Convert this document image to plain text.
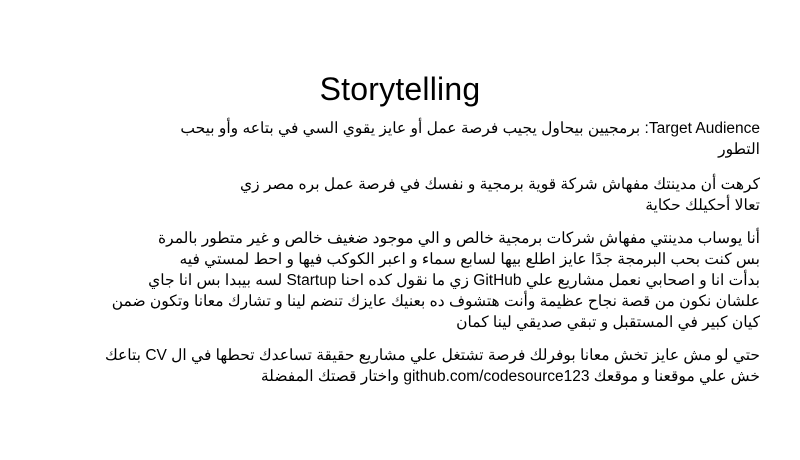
Storytelling

Target Audience: برمجيين بيحاول يجيب فرصة عمل أو عايز يقوي السي في بتاعه وأو بيحب
التطور

كرهت أن مدينتك مفهاش شركة قوية برمجية و نفسك في فرصة عمل بره مصر زي
تعالا أحكيلك حكاية

أنا يوساب مدينتي مفهاش شركات برمجية خالص و الي موجود ضغيف خالص و غير متطور بالمرة
بس كنت بحب البرمجة جدًا عايز اطلع بيها لسابع سماء و اعبر الكوكب فيها و احط لمستي فيه
بدأت انا و اصحابي نعمل مشاريع علي GitHub زي ما نقول كده احنا Startup لسه بيبدا بس انا جاي
علشان نكون من قصة نجاح عظيمة وأنت هتشوف ده بعنيك عايزك تنضم لينا و تشارك معانا وتكون ضمن
كيان كبير في المستقبل و تبقي صديقي لينا كمان

حتي لو مش عايز تخش معانا بوفرلك فرصة تشتغل علي مشاريع حقيقة تساعدك تحطها في ال CV بتاعك
خش علي موقعنا و موقعك github.com/codesource123 واختار قصتك المفضلة
